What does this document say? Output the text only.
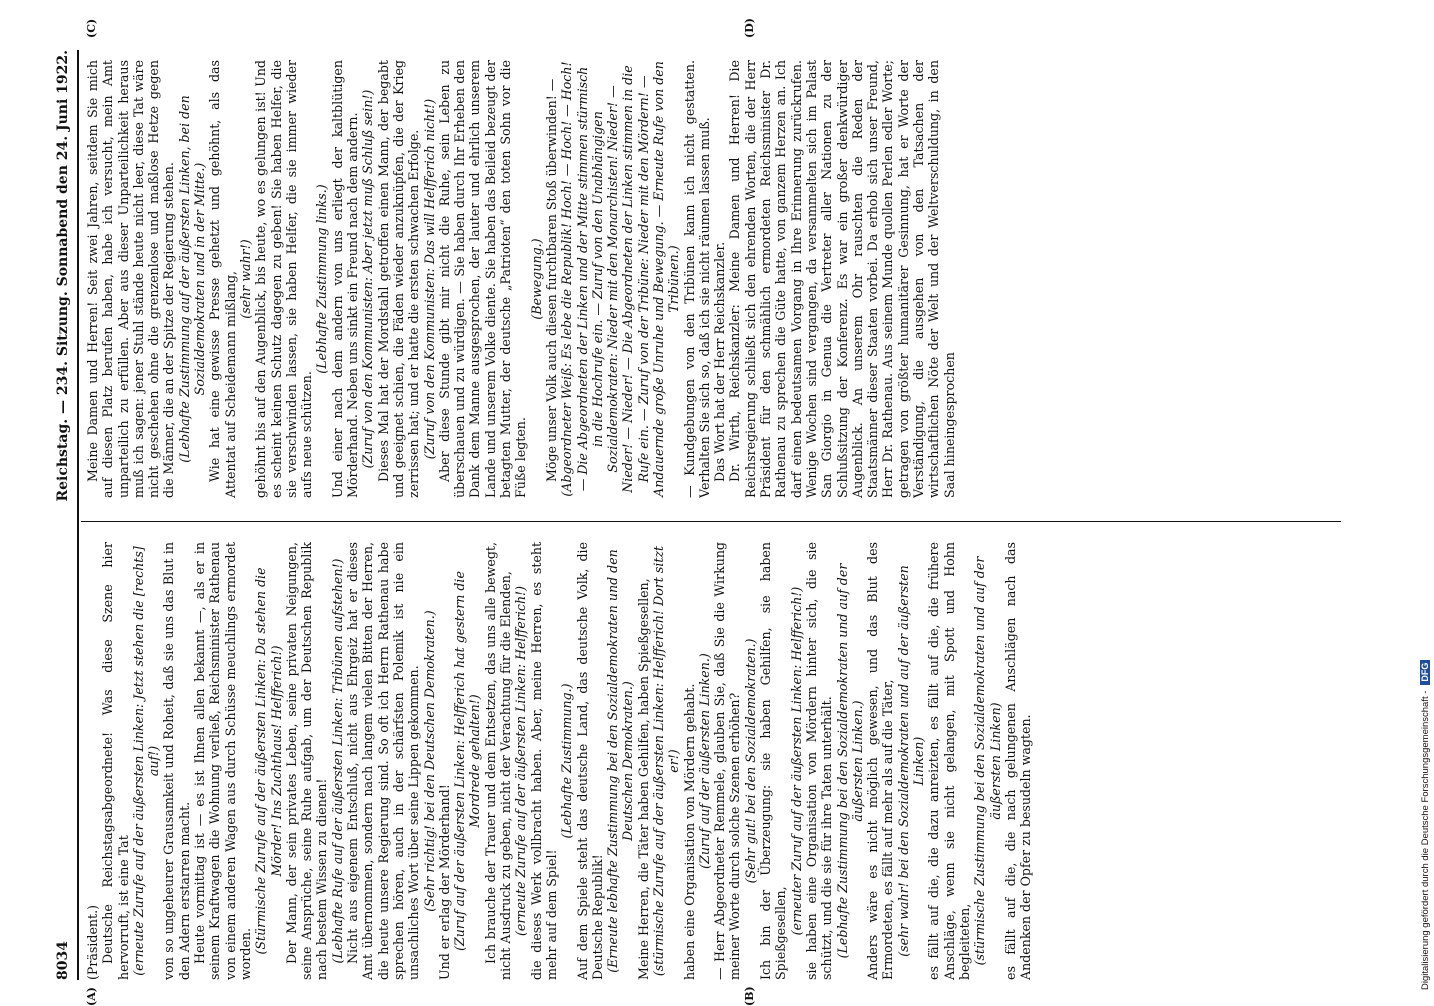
8034
Reichstag. — 234. Sitzung. Sonnabend den 24. Juni 1922.
(A)	(B)
(C)	(D)

(Präsident.) Deutsche Reichstagsabgeordnete! Was diese Szene hier hervorruft, ist eine Tat (erneute Zurufe auf der äußersten Linken: Jetzt stehen die [rechts] auf!) von so ungeheurer Grausamkeit und Roheit, daß sie uns das Blut in den Adern erstarren macht. Heute vormittag ist — es ist Ihnen allen bekannt —, als er in seinem Kraftwagen die Wohnung verließ, Reichsminister Rathenau von einem anderen Wagen aus durch Schüsse meuchlings ermordet worden. (Stürmische Zurufe auf der äußersten Linken: Da stehen die Mörder! Ins Zuchthaus! Helfferich!) Der Mann, der sein privates Leben, seine privaten Neigungen, seine Ansprüche, seine Ruhe aufgab, um der Deutschen Republik nach bestem Wissen zu dienen! (Lebhafte Rufe auf der äußersten Linken: Tribünen aufstehen!) Nicht aus eigenem Entschluß, nicht aus Ehrgeiz hat er dieses Amt übernommen, sondern nach langem vielen Bitten der Herren, die heute unsere Regierung sind. So oft ich Herrn Rathenau habe sprechen hören, auch in der schärfsten Polemik ist nie ein unsachliches Wort über seine Lippen gekommen. (Sehr richtig! bei den Deutschen Demokraten.) Und er erlag der Mörderhand! (Zuruf auf der äußersten Linken: Helfferich hat gestern die Mordrede gehalten!) Ich brauche der Trauer und dem Entsetzen, das uns alle bewegt, nicht Ausdruck zu geben, nicht der Verachtung für die Elenden, (erneute Zurufe auf der äußersten Linken: Helfferich!) die dieses Werk vollbracht haben. Aber, meine Herren, es steht mehr auf dem Spiel!

(Lebhafte Zustimmung.) Auf dem Spiele steht das deutsche Land, das deutsche Volk, die Deutsche Republik! (Erneute lebhafte Zustimmung bei den Sozialdemokraten und den Deutschen Demokraten.) Meine Herren, die Täter haben Gehilfen, haben Spießgesellen, (stürmische Zurufe auf der äußersten Linken: Helfferich! Dort sitzt er!) haben eine Organisation von Mördern gehabt. (Zuruf auf der äußersten Linken.) — Herr Abgeordneter Remmele, glauben Sie, daß Sie die Wirkung meiner Worte durch solche Szenen erhöhen? (Sehr gut! bei den Sozialdemokraten.) Ich bin der Überzeugung: sie haben Gehilfen, sie haben Spießgesellen, (erneuter Zuruf auf der äußersten Linken: Helfferich!) sie haben eine Organisation von Mördern hinter sich, die sie schützt, und die sie für ihre Taten unterhält. (Lebhafte Zustimmung bei den Sozialdemokraten und auf der äußersten Linken.) Anders wäre es nicht möglich gewesen, und das Blut des Ermordeten, es fällt auf mehr als auf die Täter, (sehr wahr! bei den Sozialdemokraten und auf der äußersten Linken) es fällt auf die, die dazu anreizten, es fällt auf die, die frühere Anschläge, wenn sie nicht gelangen, mit Spott und Hohn begleiteten, (stürmische Zustimmung bei den Sozialdemokraten und auf der äußersten Linken) es fällt auf die, die nach gelungenen Anschlägen nach das Andenken der Opfer zu besudeln wagten.

Meine Damen und Herren! Seit zwei Jahren, seitdem Sie mich auf diesen Platz berufen haben, habe ich versucht, mein Amt unparteilich zu erfüllen. Aber aus dieser Unparteilichkeit heraus muß ich sagen: jener Stuhl stände heute nicht leer, diese Tat wäre nicht geschehen ohne die grenzenlose und maßlose Hetze gegen die Männer, die an der Spitze der Regierung stehen. (Lebhafte Zustimmung auf der äußersten Linken, bei den Sozialdemokraten und in der Mitte.) Wie hat eine gewisse Presse gehetzt und gehöhnt, als das Attentat auf Scheidemann mißlang, (sehr wahr!) gehöhnt bis auf den Augenblick, bis heute, wo es gelungen ist! Und es scheint keinen Schutz dagegen zu geben! Sie haben Helfer, die sie verschwinden lassen, sie haben Helfer, die sie immer wieder aufs neue schützen.

(Lebhafte Zustimmung links.) Und einer nach dem andern von uns erliegt der kaltblütigen Mörderhand. Neben uns sinkt ein Freund nach dem andern. (Zuruf von den Kommunisten: Aber jetzt muß Schluß sein!) Dieses Mal hat der Mordstahl getroffen einen Mann, der begabt und geeignet schien, die Fäden wieder anzuknüpfen, die der Krieg zerrissen hat; und er hatte die ersten schwachen Erfolge. (Zuruf von den Kommunisten: Das will Helfferich nicht!) Aber diese Stunde gibt mir nicht die Ruhe, sein Leben zu überschauen und zu würdigen. — Sie haben durch Ihr Erheben den Dank dem Manne ausgesprochen, der lauter und ehrlich unserem Lande und unserem Volke diente. Sie haben das Beileid bezeugt der betagten Mutter, der deutsche „Patrioten“ den toten Sohn vor die Füße legten.

(Bewegung.) Möge unser Volk auch diesen furchtbaren Stoß überwinden! — (Abgeordneter Weiß: Es lebe die Republik! Hoch! — Hoch! — Hoch! — Die Abgeordneten der Linken und der Mitte stimmen stürmisch in die Hochrufe ein. — Zuruf von den Unabhängigen Sozialdemokraten: Nieder mit den Monarchisten! Nieder! — Nieder! — Nieder! — Die Abgeordneten der Linken stimmen in die Rufe ein. — Zuruf von der Tribüne: Nieder mit den Mördern! — Andauernde große Unruhe und Bewegung. — Erneute Rufe von den Tribünen.) — Kundgebungen von den Tribünen kann ich nicht gestatten. Verhalten Sie sich so, daß ich sie nicht räumen lassen muß. Das Wort hat der Herr Reichskanzler. Dr. Wirth, Reichskanzler: Meine Damen und Herren! Die Reichsregierung schließt sich den ehrenden Worten, die der Herr Präsident für den schmählich ermordeten Reichsminister Dr. Rathenau zu sprechen die Güte hatte, von ganzem Herzen an. Ich darf einen bedeutsamen Vorgang in Ihre Erinnerung zurückrufen. Wenige Wochen sind vergangen, da versammelten sich im Palast San Giorgio in Genua die Vertreter aller Nationen zu der Schlußsitzung der Konferenz. Es war ein großer denkwürdiger Augenblick. An unserem Ohr rauschten die Reden der Staatsmänner dieser Staaten vorbei. Da erhob sich unser Freund, Herr Dr. Rathenau. Aus seinem Munde quollen Perlen edler Worte; getragen von größter humanitärer Gesinnung, hat er Worte der Verständigung, die ausgehen von den Tatsachen der wirtschaftlichen Nöte der Welt und der Weltverschuldung, in den Saal hineingesprochen

Digitalisierung gefördert durch die Deutsche Forschungsgemeinschaft -
DFG
